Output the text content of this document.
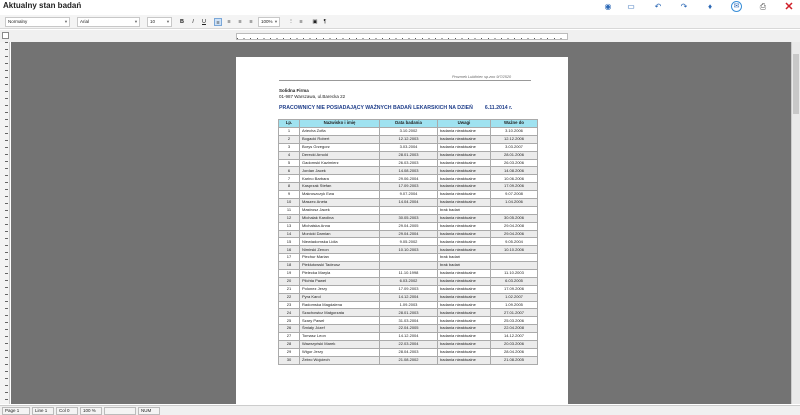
Aktualny stan badań	◉ ▭ ↶ ↷	♦	✉	⎙ ✕
Normalny	▼	Arial	▼	10	▼	B	I	U	≡	≡	≡	≡	100% ▼ ⋮	≡	▣	¶
Prozmek Lubliniec sp.zoo 9/7/2520
Solidna Firma
01-987 Warszawa, ul.Barecka 22
PRACOWNICY NIE POSIADAJĄCY WAŻNYCH BADAŃ LEKARSKICH NA DZIEŃ 6.11.2014 r.
Lp.	Nazwisko i imię	Data badania	Uwagi	Ważne do
1	Ariecha Zofia	3.10.2002	badania nieaktualne	3.10.2006
2	Bogacki Robert	12.12.2003	badania nieaktualne	12.12.2006
3	Borys Grzegorz	3.03.2004	badania nieaktualne	3.03.2007
4	Derecki Arnold	28.01.2003	badania nieaktualne	28.01.2006
5	Gadomski Kazimierz	26.03.2003	badania nieaktualne	26.03.2006
6	Jordan Jacek	14.08.2003	badania nieaktualne	14.08.2006
7	Karino Barbara	29.06.2004	badania nieaktualne	10.06.2006
8	Kasprzak Stefan	17.09.2003	badania nieaktualne	17.09.2006
9	Makroszczyk Ewa	9.07.2004	badania nieaktualne	9.07.2008
10	Maszec Aneta	14.04.2004	badania nieaktualne	1.04.2006
11	Mastrosz Jacek		brak badań	
12	Michalak Karolina	30.05.2003	badania nieaktualne	30.05.2006
13	Michalska Anna	29.04.2005	badania nieaktualne	29.04.2008
14	Monicki Damian	29.04.2004	badania nieaktualne	29.04.2006
15	Niewiadomska Lidia	9.05.2002	badania nieaktualne	9.05.2004
16	Nimirski Zenon	10.10.2003	badania nieaktualne	10.10.2006
17	Piechur Marian		brak badań	
18	Pieklutowski Tadeusz		brak badań	
19	Pielecka Maryla	11.10.1998	badania nieaktualne	11.10.2003
20	Pilchta Paweł	6.03.2002	badania nieaktualne	6.03.2005
21	Polonez Jerzy	17.09.2003	badania nieaktualne	17.09.2006
22	Pyra Karol	14.12.2004	badania nieaktualne	1.02.2007
23	Radomska Magdalena	1.09.2003	badania nieaktualne	1.09.2005
24	Szachowicz Małgorzata	28.01.2003	badania nieaktualne	27.01.2007
25	Szary Paweł	31.03.2004	badania nieaktualne	25.03.2006
26	Śmiały Józef	22.04.2005	badania nieaktualne	22.04.2008
27	Tomasz Leon	14.12.2004	badania nieaktualne	14.12.2007
28	Wawrzyński Marek	22.03.2004	badania nieaktualne	20.03.2006
29	Wigor Jerzy	28.04.2003	badania nieaktualne	28.04.2006
30	Żebro Wojciech	21.08.2002	badania nieaktualne	21.08.2005
Page 1	Line 1	Col 0	100 %	NUM
